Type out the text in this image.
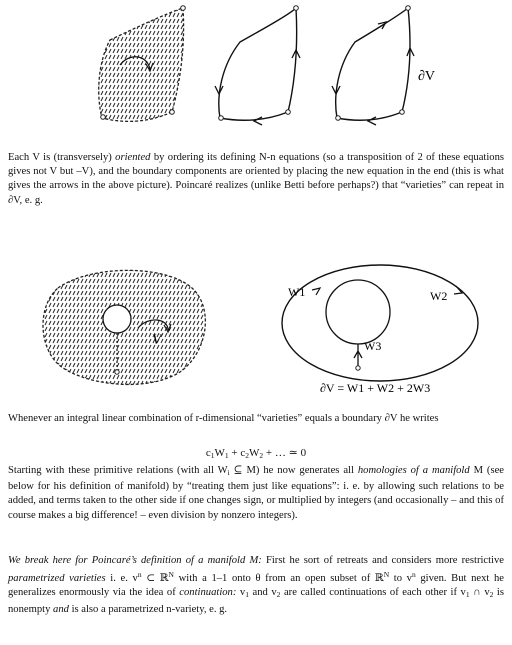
∂V

Each V is (transversely) oriented by ordering its defining N-n equations (so a transposition of 2 of these equations gives not V but –V), and the boundary components are oriented by placing the new equation in the end (this is what gives the arrows in the above picture). Poincaré realizes (unlike Betti before perhaps?) that “varieties” can repeat in ∂V, e. g.

V
W1	W2
W3
∂V = W1 + W2 + 2W3

Whenever an integral linear combination of r-dimensional “varieties” equals a boundary ∂V he writes

$c_1W_1 + c_2W_2$ + … ≃ 0

Starting with these primitive relations (with all $W_i$ ⊆ M) he now generates all homologies of a manifold M (see below for his definition of manifold) by “treating them just like equations”: i. e. by allowing such relations to be added, and terms taken to the other side if one changes sign, or multiplied by integers (and occasionally – and this of course makes a big difference! – even division by nonzero integers).

We break here for Poincaré’s definition of a manifold M: First he sort of retreats and considers more restrictive parametrized varieties i. e. $v^n$ ⊂ ℝ$^N$ with a 1–1 onto θ from an open subset of ℝ$^N$ to $v^n$ given. But next he generalizes enormously via the idea of continuation: $v_1$ and $v_2$ are called continuations of each other if $v_1$ ∩ $v_2$ is nonempty and is also a parametrized n-variety, e. g.
